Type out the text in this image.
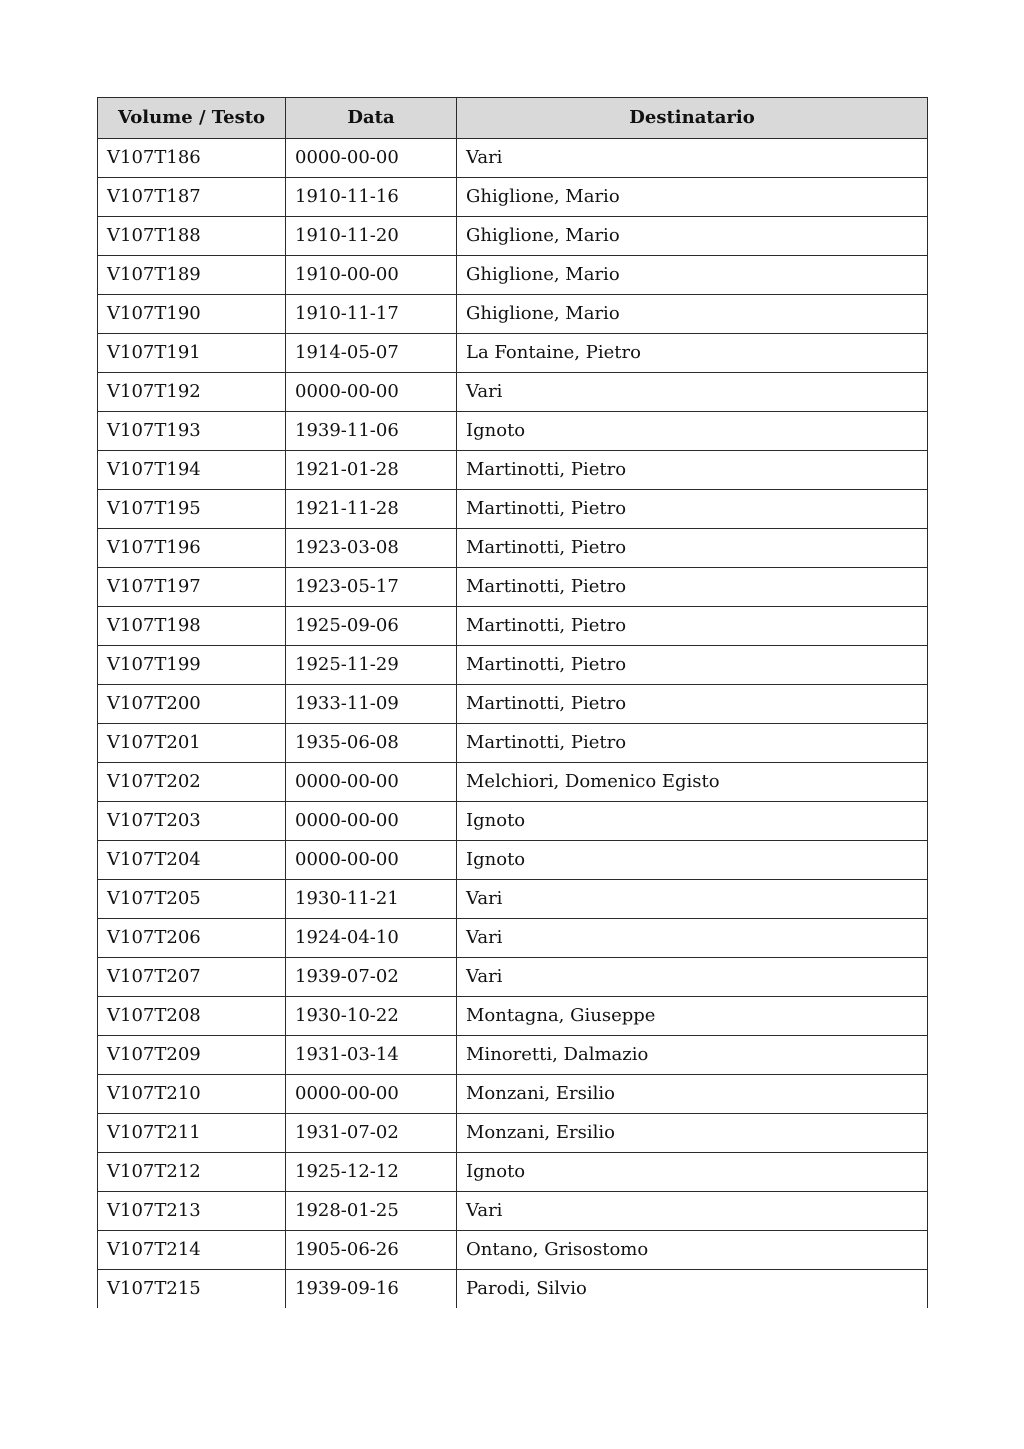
Volume / Testo	Data	Destinatario
V107T186	0000-00-00	Vari
V107T187	1910-11-16	Ghiglione, Mario
V107T188	1910-11-20	Ghiglione, Mario
V107T189	1910-00-00	Ghiglione, Mario
V107T190	1910-11-17	Ghiglione, Mario
V107T191	1914-05-07	La Fontaine, Pietro
V107T192	0000-00-00	Vari
V107T193	1939-11-06	Ignoto
V107T194	1921-01-28	Martinotti, Pietro
V107T195	1921-11-28	Martinotti, Pietro
V107T196	1923-03-08	Martinotti, Pietro
V107T197	1923-05-17	Martinotti, Pietro
V107T198	1925-09-06	Martinotti, Pietro
V107T199	1925-11-29	Martinotti, Pietro
V107T200	1933-11-09	Martinotti, Pietro
V107T201	1935-06-08	Martinotti, Pietro
V107T202	0000-00-00	Melchiori, Domenico Egisto
V107T203	0000-00-00	Ignoto
V107T204	0000-00-00	Ignoto
V107T205	1930-11-21	Vari
V107T206	1924-04-10	Vari
V107T207	1939-07-02	Vari
V107T208	1930-10-22	Montagna, Giuseppe
V107T209	1931-03-14	Minoretti, Dalmazio
V107T210	0000-00-00	Monzani, Ersilio
V107T211	1931-07-02	Monzani, Ersilio
V107T212	1925-12-12	Ignoto
V107T213	1928-01-25	Vari
V107T214	1905-06-26	Ontano, Grisostomo
V107T215	1939-09-16	Parodi, Silvio
